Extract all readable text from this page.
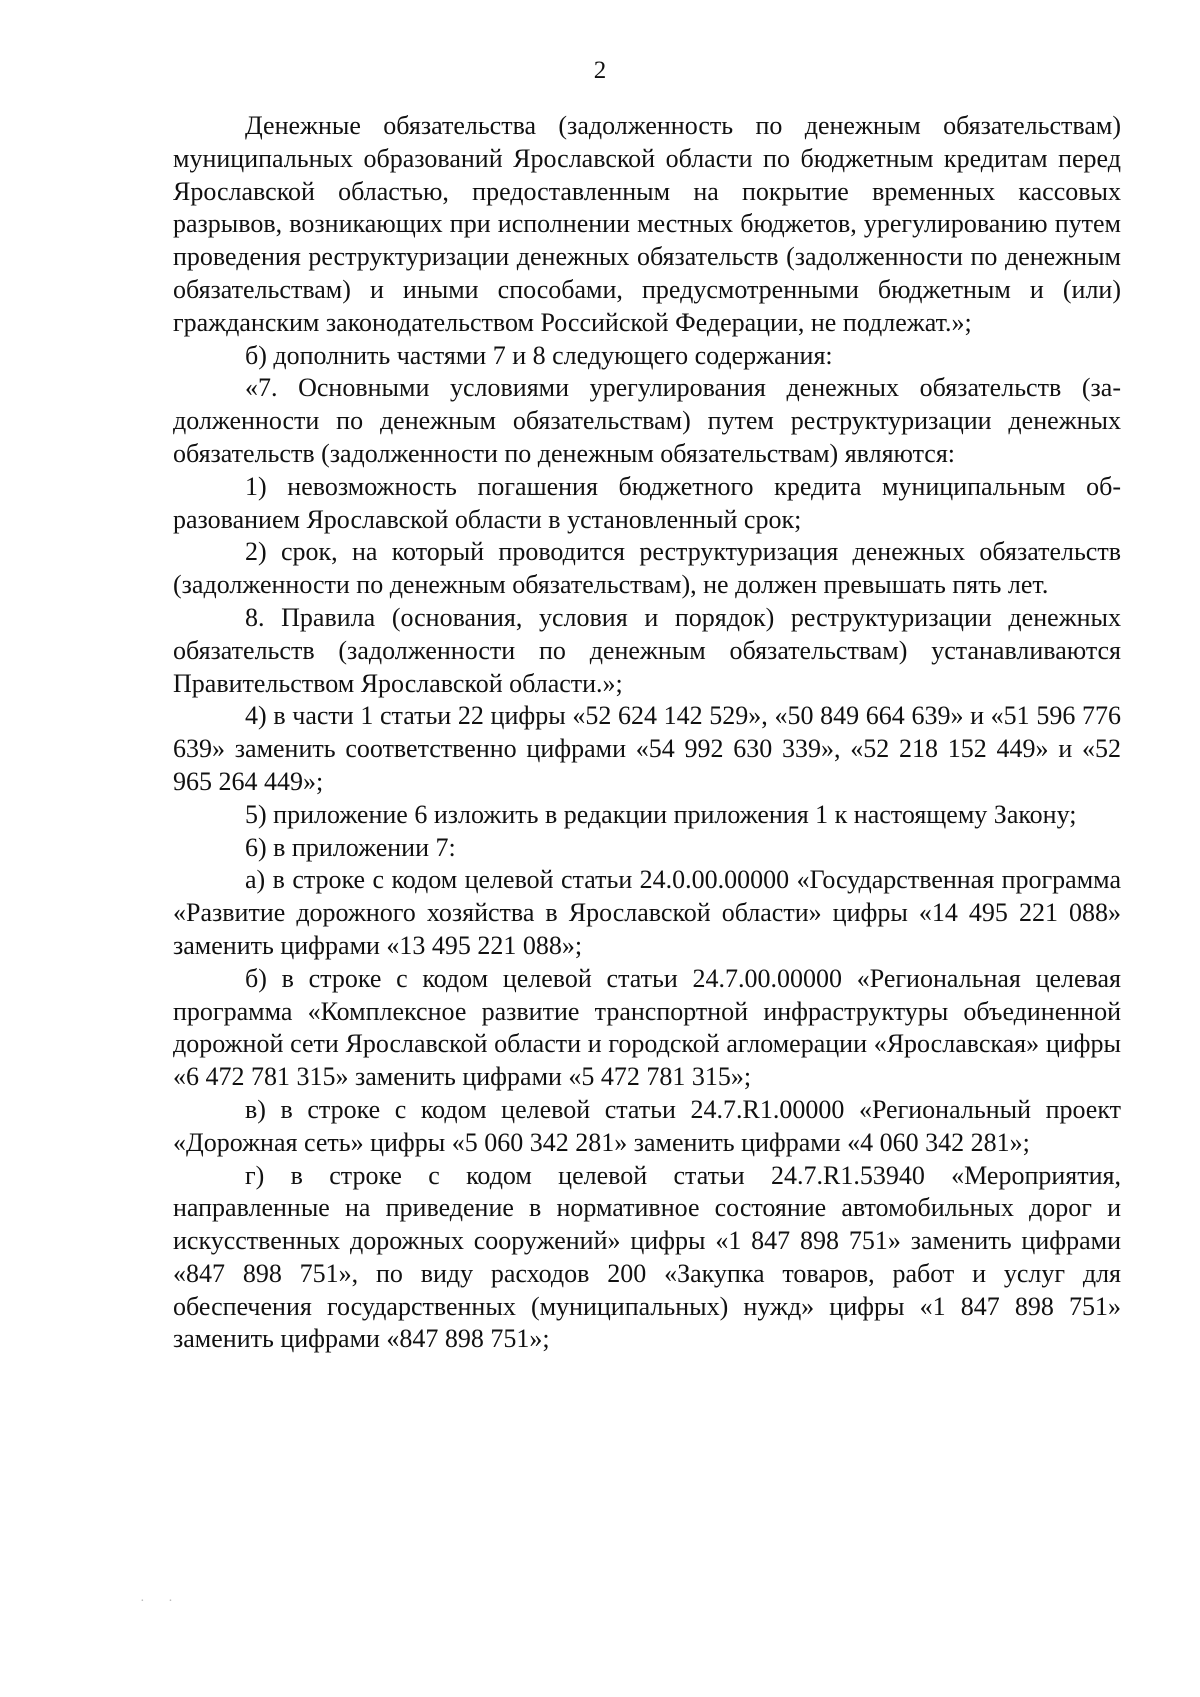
2

Денежные обязательства (задолженность по денежным обязательствам) муниципальных образований Ярославской области по бюджетным кредитам перед Ярославской областью, предоставленным на покрытие временных кассовых разрывов, возникающих при исполнении местных бюджетов, урегулированию путем проведения реструктуризации денежных обязательств (задолженности по денежным обязательствам) и иными способами, предусмотренными бюджетным и (или) гражданским законодательством Российской Федерации, не подлежат.»;

б) дополнить частями 7 и 8 следующего содержания:

«7. Основными условиями урегулирования денежных обязательств (задолженности по денежным обязательствам) путем реструктуризации денежных обязательств (задолженности по денежным обязательствам) являются:

1) невозможность погашения бюджетного кредита муниципальным образованием Ярославской области в установленный срок;

2) срок, на который проводится реструктуризация денежных обязательств (задолженности по денежным обязательствам), не должен превышать пять лет.

8. Правила (основания, условия и порядок) реструктуризации денежных обязательств (задолженности по денежным обязательствам) устанавливаются Правительством Ярославской области.»;

4) в части 1 статьи 22 цифры «52 624 142 529», «50 849 664 639» и «51 596 776 639» заменить соответственно цифрами «54 992 630 339», «52 218 152 449» и «52 965 264 449»;

5) приложение 6 изложить в редакции приложения 1 к настоящему Закону;

6) в приложении 7:

а) в строке с кодом целевой статьи 24.0.00.00000 «Государственная программа «Развитие дорожного хозяйства в Ярославской области» цифры «14 495 221 088» заменить цифрами «13 495 221 088»;

б) в строке с кодом целевой статьи 24.7.00.00000 «Региональная целевая программа «Комплексное развитие транспортной инфраструктуры объединенной дорожной сети Ярославской области и городской агломерации «Ярославская» цифры «6 472 781 315» заменить цифрами «5 472 781 315»;

в) в строке с кодом целевой статьи 24.7.R1.00000 «Региональный проект «Дорожная сеть» цифры «5 060 342 281» заменить цифрами «4 060 342 281»;

г) в строке с кодом целевой статьи 24.7.R1.53940 «Мероприятия, направленные на приведение в нормативное состояние автомобильных дорог и искусственных дорожных сооружений» цифры «1 847 898 751» заменить цифрами «847 898 751», по виду расходов 200 «Закупка товаров, работ и услуг для обеспечения государственных (муниципальных) нужд» цифры «1 847 898 751» заменить цифрами «847 898 751»;

· ·
